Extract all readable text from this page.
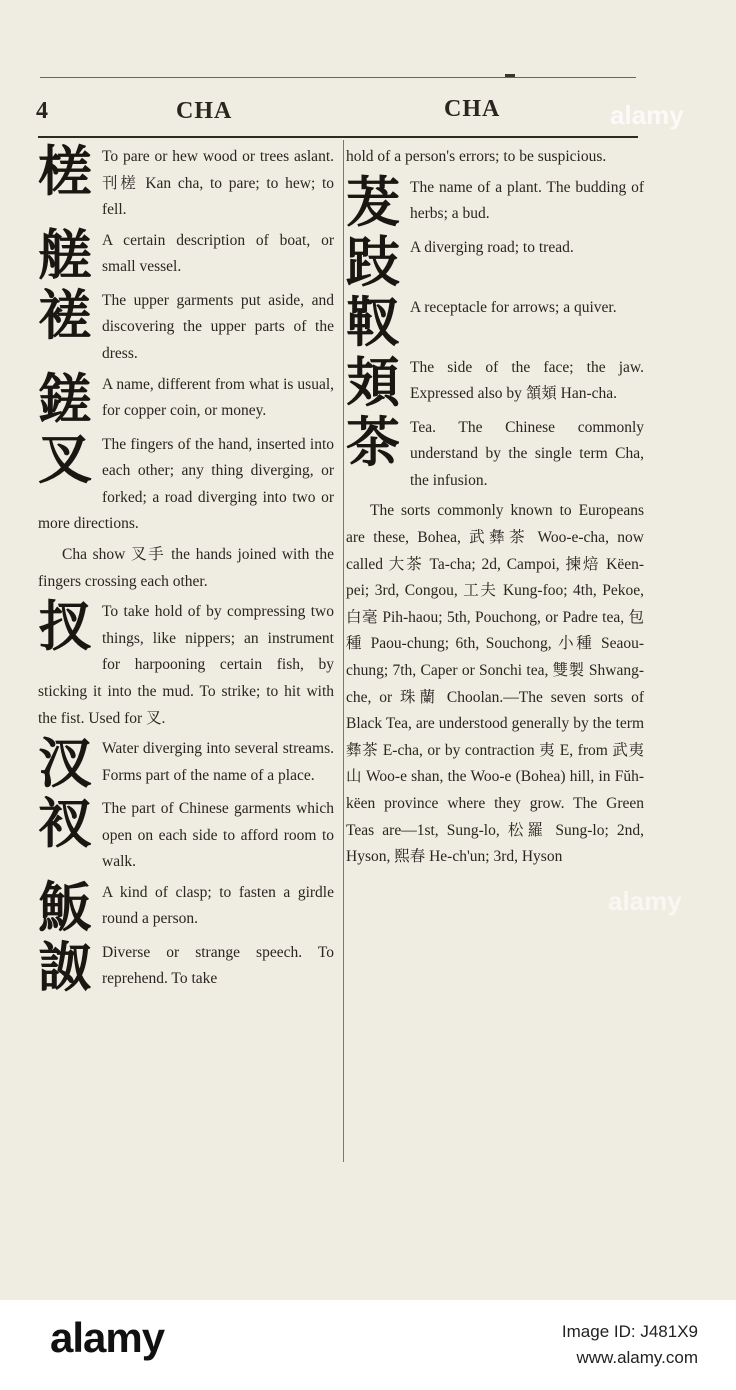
4	CHA	CHA
槎 To pare or hew wood or trees aslant. 刊槎 Kan cha, to pare; to hew; to fell.
艖 A certain description of boat, or small vessel.
褨 The upper garments put aside, and discovering the upper parts of the dress.
鎈 A name, different from what is usual, for copper coin, or money.
叉 The fingers of the hand, inserted into each other; any thing diverging, or forked; a road diverging into two or more directions.
Cha show 叉手 the hands joined with the fingers crossing each other.
扠 To take hold of by compressing two things, like nippers; an instrument for harpooning certain fish, by sticking it into the mud. To strike; to hit with the fist. Used for 叉.
汊 Water diverging into several streams. Forms part of the name of a place.
衩 The part of Chinese garments which open on each side to afford room to walk.
魬 A kind of clasp; to fasten a girdle round a person.
詉 Diverse or strange speech. To reprehend. To take
hold of a person's errors; to be suspicious.
茇 The name of a plant. The budding of herbs; a bud.
跂 A diverging road; to tread.
靫 A receptacle for arrows; a quiver.
頍 The side of the face; the jaw. Expressed also by 頷頍 Han-cha.
茶 Tea. The Chinese commonly understand by the single term Cha, the infusion.
The sorts commonly known to Europeans are these, Bohea, 武彝茶 Woo-e-cha, now called 大茶 Ta-cha; 2d, Campoi, 揀焙 Këen-pei; 3rd, Congou, 工夫 Kung-foo; 4th, Pekoe, 白毫 Pih-haou; 5th, Pouchong, or Padre tea, 包種 Paou-chung; 6th, Souchong, 小種 Seaou-chung; 7th, Caper or Sonchi tea, 雙製 Shwang-che, or 珠蘭 Choolan.—The seven sorts of Black Tea, are understood generally by the term 彝茶 E-cha, or by contraction 夷 E, from 武夷山 Woo-e shan, the Woo-e (Bohea) hill, in Fŭh-këen province where they grow. The Green Teas are—1st, Sung-lo, 松羅 Sung-lo; 2nd, Hyson, 熙春 He-ch'un; 3rd, Hyson
alamy
alamy
alamy	Image ID: J481X9
www.alamy.com
